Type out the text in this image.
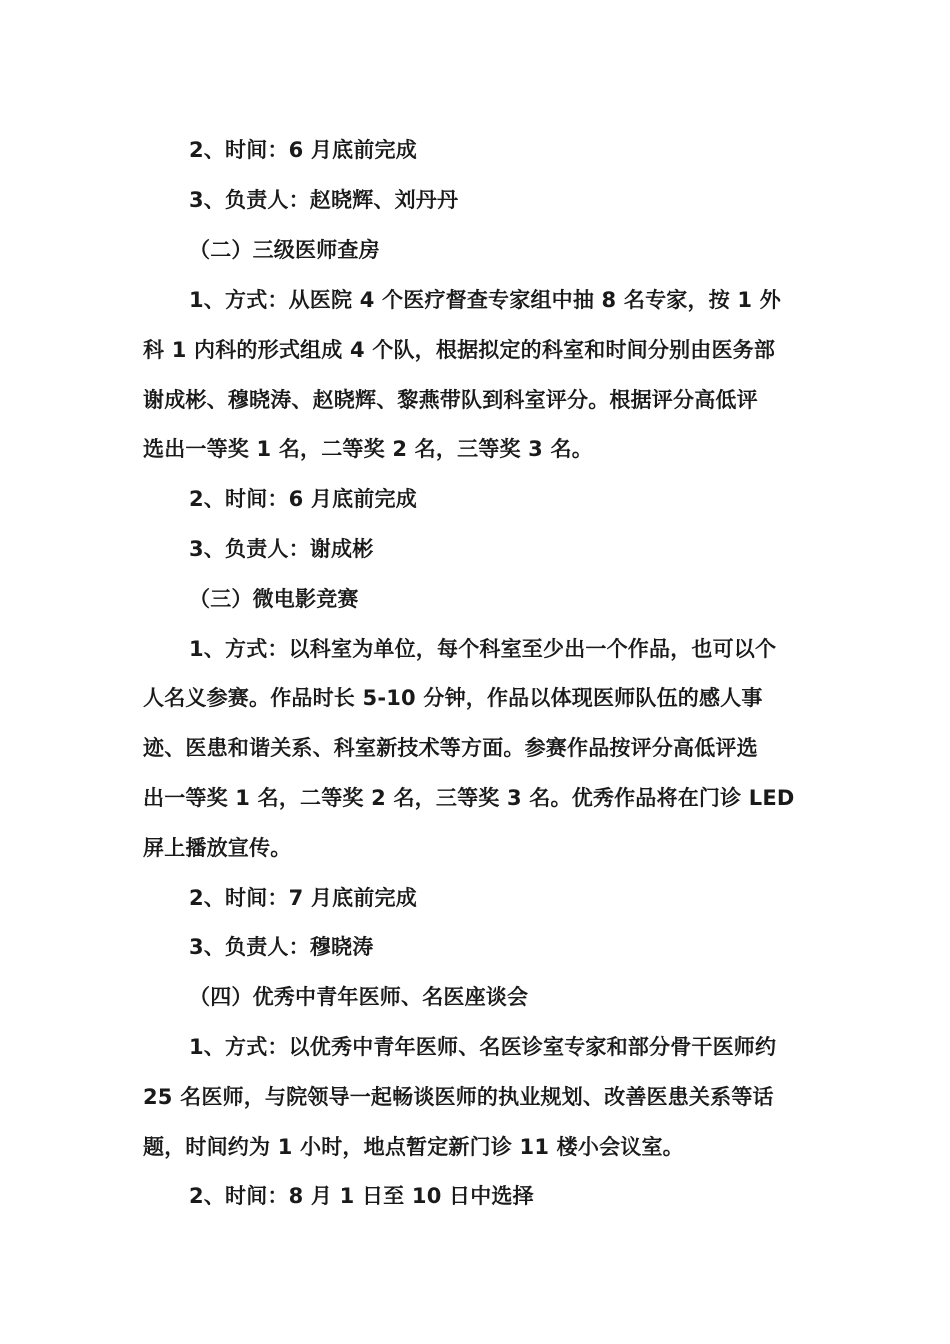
2、时间：6 月底前完成
3、负责人：赵晓辉、刘丹丹
（二）三级医师查房
1、方式：从医院 4 个医疗督查专家组中抽 8 名专家，按 1 外
科 1 内科的形式组成 4 个队，根据拟定的科室和时间分别由医务部
谢成彬、穆晓涛、赵晓辉、黎燕带队到科室评分。根据评分高低评
选出一等奖 1 名，二等奖 2 名，三等奖 3 名。
2、时间：6 月底前完成
3、负责人：谢成彬
（三）微电影竞赛
1、方式：以科室为单位，每个科室至少出一个作品，也可以个
人名义参赛。作品时长 5-10 分钟，作品以体现医师队伍的感人事
迹、医患和谐关系、科室新技术等方面。参赛作品按评分高低评选
出一等奖 1 名，二等奖 2 名，三等奖 3 名。优秀作品将在门诊 LED
屏上播放宣传。
2、时间：7 月底前完成
3、负责人：穆晓涛
（四）优秀中青年医师、名医座谈会
1、方式：以优秀中青年医师、名医诊室专家和部分骨干医师约
25 名医师，与院领导一起畅谈医师的执业规划、改善医患关系等话
题，时间约为 1 小时，地点暂定新门诊 11 楼小会议室。
2、时间：8 月 1 日至 10 日中选择
